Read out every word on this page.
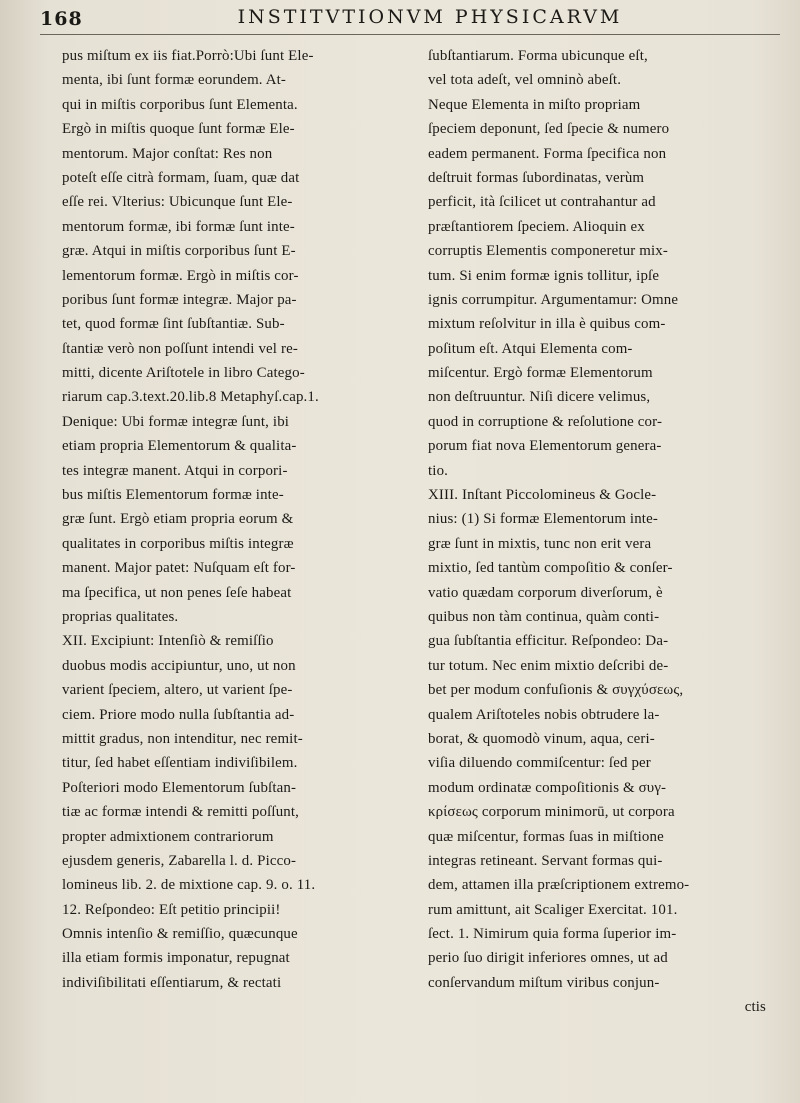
168	INSTITVTIONVM PHYSICARVM
pus miſtum ex iis fiat.Porrò:Ubi ſunt Ele-
menta, ibi ſunt formæ eorundem. At-
qui in miſtis corporibus ſunt Elementa.
Ergò in miſtis quoque ſunt formæ Ele-
mentorum. Major conſtat: Res non
poteſt eſſe citrà formam, ſuam, quæ dat
eſſe rei. Vlterius: Ubicunque ſunt Ele-
mentorum formæ, ibi formæ ſunt inte-
græ. Atqui in miſtis corporibus ſunt E-
lementorum formæ. Ergò in miſtis cor-
poribus ſunt formæ integræ. Major pa-
tet, quod formæ ſint ſubſtantiæ. Sub-
ſtantiæ verò non poſſunt intendi vel re-
mitti, dicente Ariſtotele in libro Catego-
riarum cap.3.text.20.lib.8 Metaphyſ.cap.1.
Denique: Ubi formæ integræ ſunt, ibi
etiam propria Elementorum & qualita-
tes integræ manent. Atqui in corpori-
bus miſtis Elementorum formæ inte-
græ ſunt. Ergò etiam propria eorum &
qualitates in corporibus miſtis integræ
manent. Major patet: Nuſquam eſt for-
ma ſpecifica, ut non penes ſeſe habeat
proprias qualitates.
XII. Excipiunt: Intenſiò & remiſſio
duobus modis accipiuntur, uno, ut non
varient ſpeciem, altero, ut varient ſpe-
ciem. Priore modo nulla ſubſtantia ad-
mittit gradus, non intenditur, nec remit-
titur, ſed habet eſſentiam indiviſibilem.
Poſteriori modo Elementorum ſubſtan-
tiæ ac formæ intendi & remitti poſſunt,
propter admixtionem contrariorum
ejusdem generis, Zabarella l. d. Picco-
lomineus lib. 2. de mixtione cap. 9. o. 11.
12. Reſpondeo: Eſt petitio principii!
Omnis intenſio & remiſſio, quæcunque
illa etiam formis imponatur, repugnat
indiviſibilitati eſſentiarum, & rectati
ſubſtantiarum. Forma ubicunque eſt,
vel tota adeſt, vel omninò abeſt.
Neque Elementa in miſto propriam
ſpeciem deponunt, ſed ſpecie & numero
eadem permanent. Forma ſpecifica non
deſtruit formas ſubordinatas, verùm
perficit, ità ſcilicet ut contrahantur ad
præſtantiorem ſpeciem. Alioquin ex
corruptis Elementis componeretur mix-
tum. Si enim formæ ignis tollitur, ipſe
ignis corrumpitur. Argumentamur: Omne
mixtum reſolvitur in illa è quibus com-
poſitum eſt. Atqui Elementa com-
miſcentur. Ergò formæ Elementorum
non deſtruuntur. Niſi dicere velimus,
quod in corruptione & reſolutione cor-
porum fiat nova Elementorum genera-
tio.
XIII. Inſtant Piccolomineus & Gocle-
nius: (1) Si formæ Elementorum inte-
græ ſunt in mixtis, tunc non erit vera
mixtio, ſed tantùm compoſitio & conſer-
vatio quædam corporum diverſorum, è
quibus non tàm continua, quàm conti-
gua ſubſtantia efficitur. Reſpondeo: Da-
tur totum. Nec enim mixtio deſcribi de-
bet per modum confuſionis & συγχύσεως,
qualem Ariſtoteles nobis obtrudere la-
borat, & quomodò vinum, aqua, ceri-
viſia diluendo commiſcentur: ſed per
modum ordinatæ compoſitionis & συγ-
κρίσεως corporum minimorū, ut corpora
quæ miſcentur, formas ſuas in miſtione
integras retineant. Servant formas qui-
dem, attamen illa præſcriptionem extremo-
rum amittunt, ait Scaliger Exercitat. 101.
ſect. 1. Nimirum quia forma ſuperior im-
perio ſuo dirigit inferiores omnes, ut ad
conſervandum miſtum viribus conjun-
ctis
